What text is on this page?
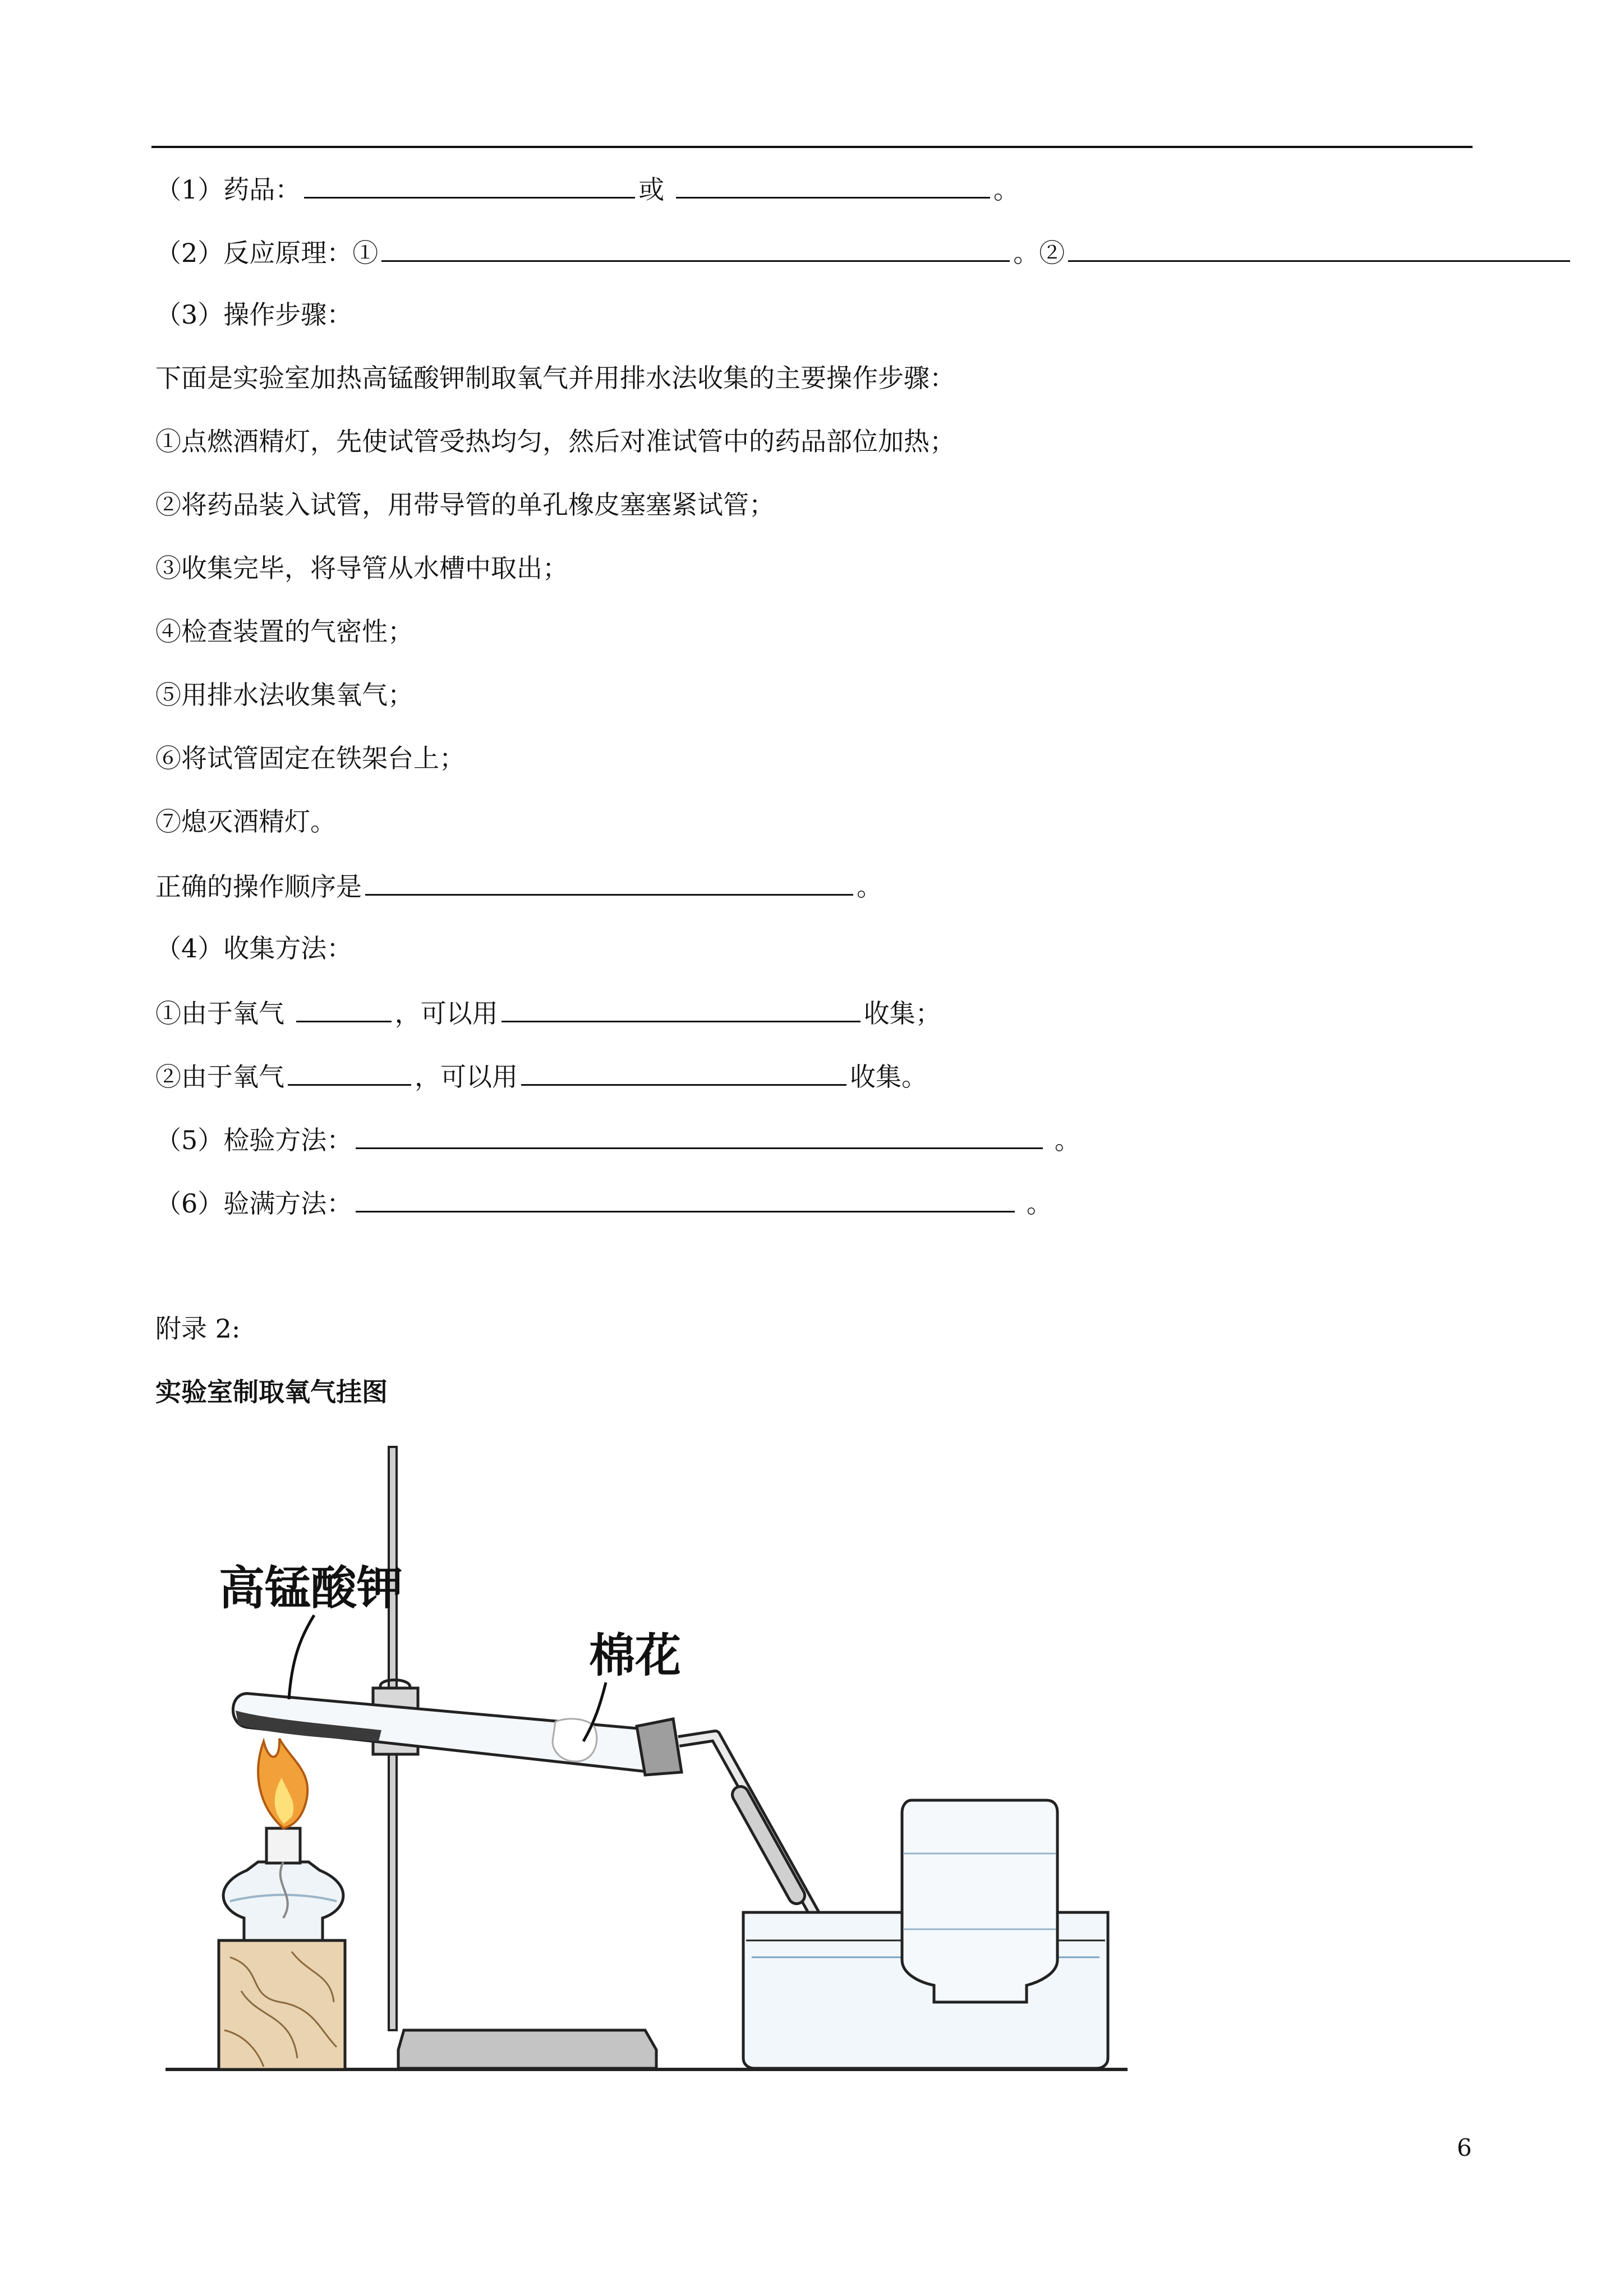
（1）药品：	或	。
（2）反应原理：①	。②
（3）操作步骤：
下面是实验室加热高锰酸钾制取氧气并用排水法收集的主要操作步骤：
①点燃酒精灯，先使试管受热均匀，然后对准试管中的药品部位加热；
②将药品装入试管，用带导管的单孔橡皮塞塞紧试管；
③收集完毕，将导管从水槽中取出；
④检查装置的气密性；
⑤用排水法收集氧气；
⑥将试管固定在铁架台上；
⑦熄灭酒精灯。
正确的操作顺序是	。
（4）收集方法：
①由于氧气	，可以用	收集；
②由于氧气	，可以用	收集。
（5）检验方法：	。
（6）验满方法：	。
附录 2:
实验室制取氧气挂图
高锰酸钾
棉花
6
